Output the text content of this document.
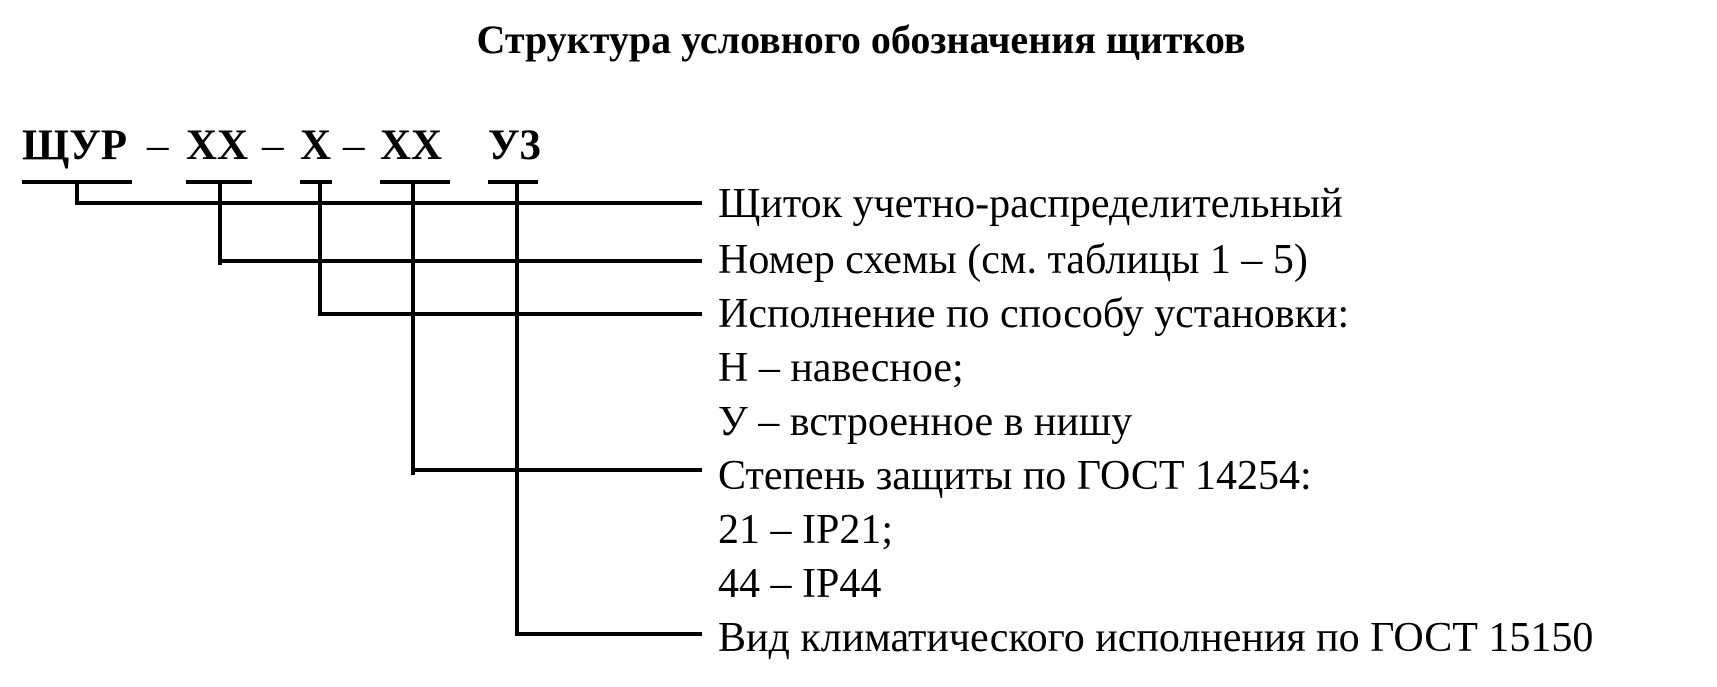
Структура условного обозначения щитков
ЩУР – ХХ – Х – ХХ У3
Щиток учетно-распределительный
Номер схемы (см. таблицы 1 – 5)
Исполнение по способу установки:
Н – навесное;
У – встроенное в нишу
Степень защиты по ГОСТ 14254:
21 – IP21;
44 – IP44
Вид климатического исполнения по ГОСТ 15150
